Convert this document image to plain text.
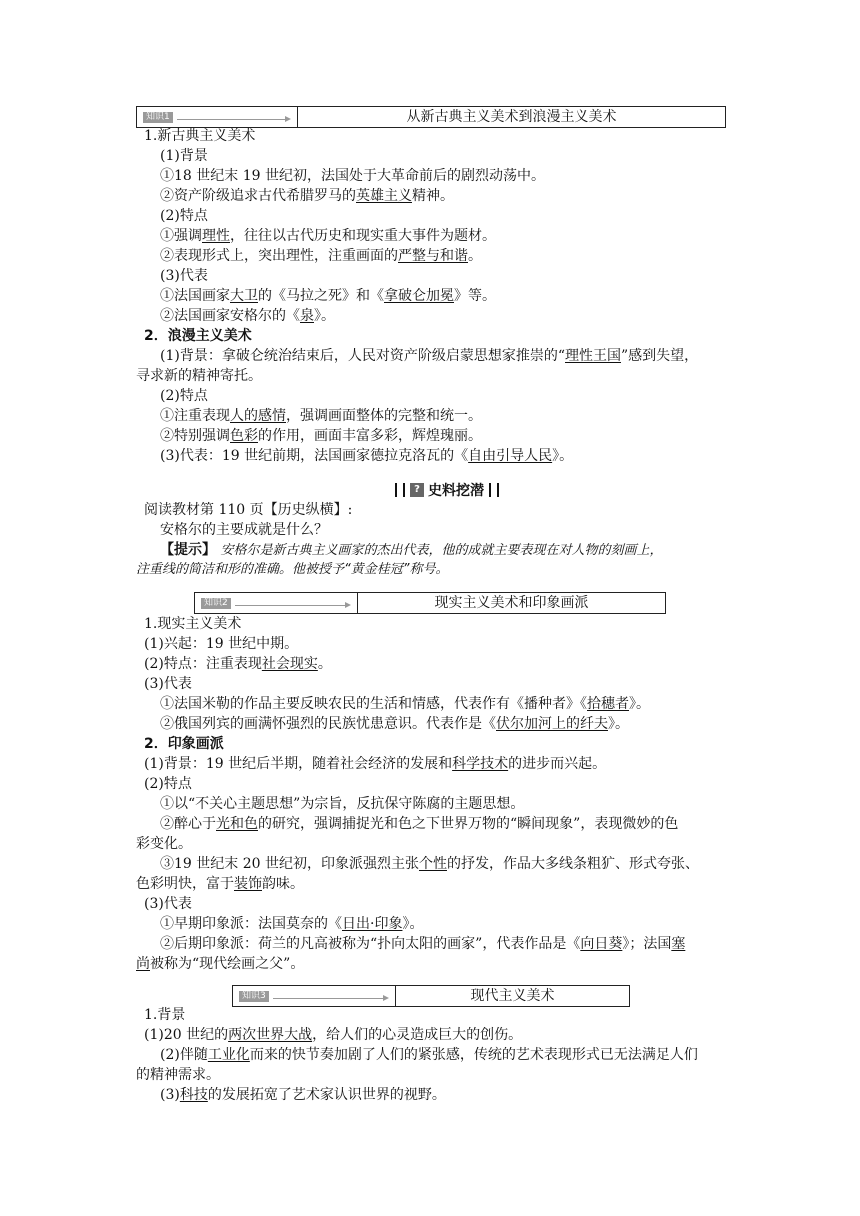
知识1	从新古典主义美术到浪漫主义美术
1.新古典主义美术
(1)背景
①18 世纪末 19 世纪初，法国处于大革命前后的剧烈动荡中。
②资产阶级追求古代希腊罗马的英雄主义精神。
(2)特点
①强调理性，往往以古代历史和现实重大事件为题材。
②表现形式上，突出理性，注重画面的严整与和谐。
(3)代表
①法国画家大卫的《马拉之死》和《拿破仑加冕》等。
②法国画家安格尔的《泉》。
2．浪漫主义美术
(1)背景：拿破仑统治结束后，人民对资产阶级启蒙思想家推崇的“理性王国”感到失望，
寻求新的精神寄托。
(2)特点
①注重表现人的感情，强调画面整体的完整和统一。
②特别强调色彩的作用，画面丰富多彩，辉煌瑰丽。
(3)代表：19 世纪前期，法国画家德拉克洛瓦的《自由引导人民》。
? 史料挖潜
阅读教材第 110 页【历史纵横】:
安格尔的主要成就是什么？
【提示】 安格尔是新古典主义画家的杰出代表，他的成就主要表现在对人物的刻画上，
注重线的简洁和形的准确。他被授予“黄金桂冠”称号。
知识2	现实主义美术和印象画派
1.现实主义美术
(1)兴起：19 世纪中期。
(2)特点：注重表现社会现实。
(3)代表
①法国米勒的作品主要反映农民的生活和情感，代表作有《播种者》《拾穗者》。
②俄国列宾的画满怀强烈的民族忧患意识。代表作是《伏尔加河上的纤夫》。
2．印象画派
(1)背景：19 世纪后半期，随着社会经济的发展和科学技术的进步而兴起。
(2)特点
①以“不关心主题思想”为宗旨，反抗保守陈腐的主题思想。
②醉心于光和色的研究，强调捕捉光和色之下世界万物的“瞬间现象”，表现微妙的色
彩变化。
③19 世纪末 20 世纪初，印象派强烈主张个性的抒发，作品大多线条粗犷、形式夸张、
色彩明快，富于装饰韵味。
(3)代表
①早期印象派：法国莫奈的《日出·印象》。
②后期印象派：荷兰的凡高被称为“扑向太阳的画家”，代表作品是《向日葵》；法国塞
尚被称为“现代绘画之父”。
知识3	现代主义美术
1.背景
(1)20 世纪的两次世界大战，给人们的心灵造成巨大的创伤。
(2)伴随工业化而来的快节奏加剧了人们的紧张感，传统的艺术表现形式已无法满足人们
的精神需求。
(3)科技的发展拓宽了艺术家认识世界的视野。
